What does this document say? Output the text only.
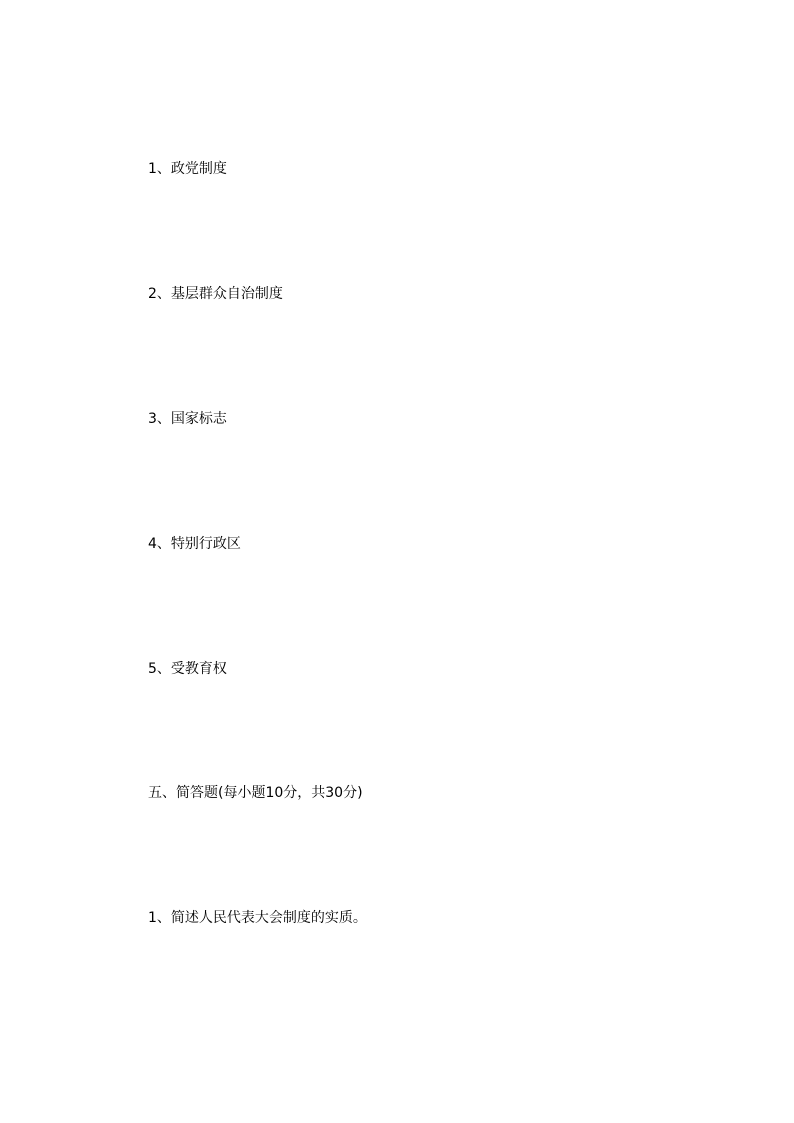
1、政党制度
2、基层群众自治制度
3、国家标志
4、特别行政区
5、受教育权
五、简答题(每小题10分，共30分)
1、简述人民代表大会制度的实质。
